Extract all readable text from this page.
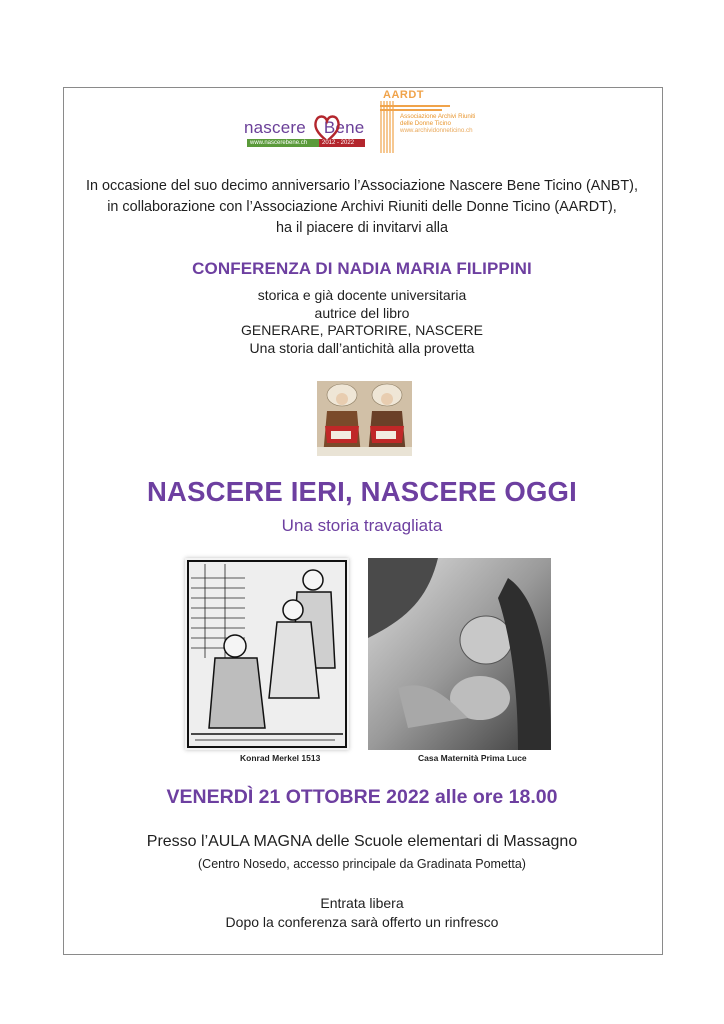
nascere Bene
www.nascerebene.ch	2012 - 2022
AARDT
Associazione Archivi Riuniti
delle Donne Ticino
www.archividonneticino.ch
In occasione del suo decimo anniversario l’Associazione Nascere Bene Ticino (ANBT),
in collaborazione con l’Associazione Archivi Riuniti delle Donne Ticino (AARDT),
ha il piacere di invitarvi alla
CONFERENZA DI NADIA MARIA FILIPPINI
storica e già docente universitaria
autrice del libro
GENERARE, PARTORIRE, NASCERE
Una storia dall’antichità alla provetta
NASCERE IERI, NASCERE OGGI
Una storia travagliata
Konrad Merkel 1513	Casa Maternità Prima Luce
VENERDÌ 21 OTTOBRE 2022 alle ore 18.00
Presso l’AULA MAGNA delle Scuole elementari di Massagno
(Centro Nosedo, accesso principale da Gradinata Pometta)
Entrata libera
Dopo la conferenza sarà offerto un rinfresco
